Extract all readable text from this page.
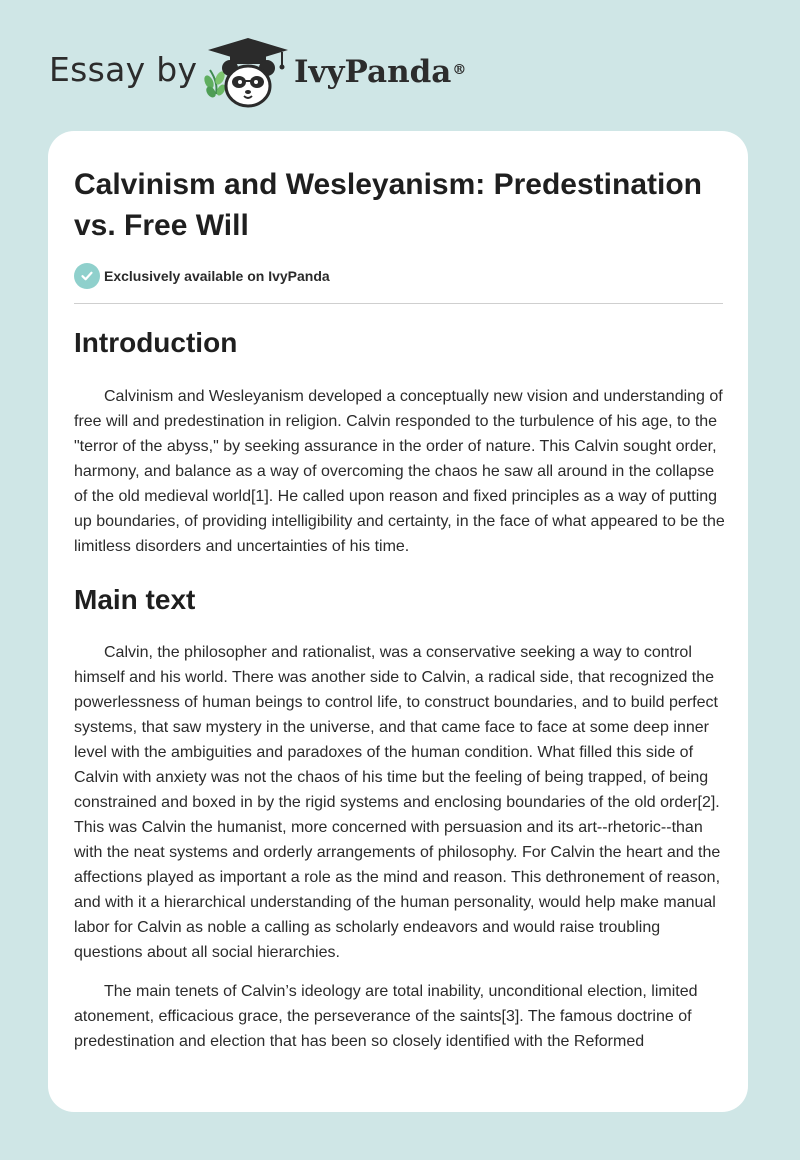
Essay by	IvyPanda®
Calvinism and Wesleyanism: Predestination vs. Free Will
Exclusively available on IvyPanda
Introduction

Calvinism and Wesleyanism developed a conceptually new vision and understanding of free will and predestination in religion. Calvin responded to the turbulence of his age, to the "terror of the abyss," by seeking assurance in the order of nature. This Calvin sought order, harmony, and balance as a way of overcoming the chaos he saw all around in the collapse of the old medieval world[1]. He called upon reason and fixed principles as a way of putting up boundaries, of providing intelligibility and certainty, in the face of what appeared to be the limitless disorders and uncertainties of his time.

Main text

Calvin, the philosopher and rationalist, was a conservative seeking a way to control himself and his world. There was another side to Calvin, a radical side, that recognized the powerlessness of human beings to control life, to construct boundaries, and to build perfect systems, that saw mystery in the universe, and that came face to face at some deep inner level with the ambiguities and paradoxes of the human condition. What filled this side of Calvin with anxiety was not the chaos of his time but the feeling of being trapped, of being constrained and boxed in by the rigid systems and enclosing boundaries of the old order[2]. This was Calvin the humanist, more concerned with persuasion and its art--rhetoric--than with the neat systems and orderly arrangements of philosophy. For Calvin the heart and the affections played as important a role as the mind and reason. This dethronement of reason, and with it a hierarchical understanding of the human personality, would help make manual labor for Calvin as noble a calling as scholarly endeavors and would raise troubling questions about all social hierarchies.

The main tenets of Calvin’s ideology are total inability, unconditional election, limited atonement, efficacious grace, the perseverance of the saints[3]. The famous doctrine of predestination and election that has been so closely identified with the Reformed
